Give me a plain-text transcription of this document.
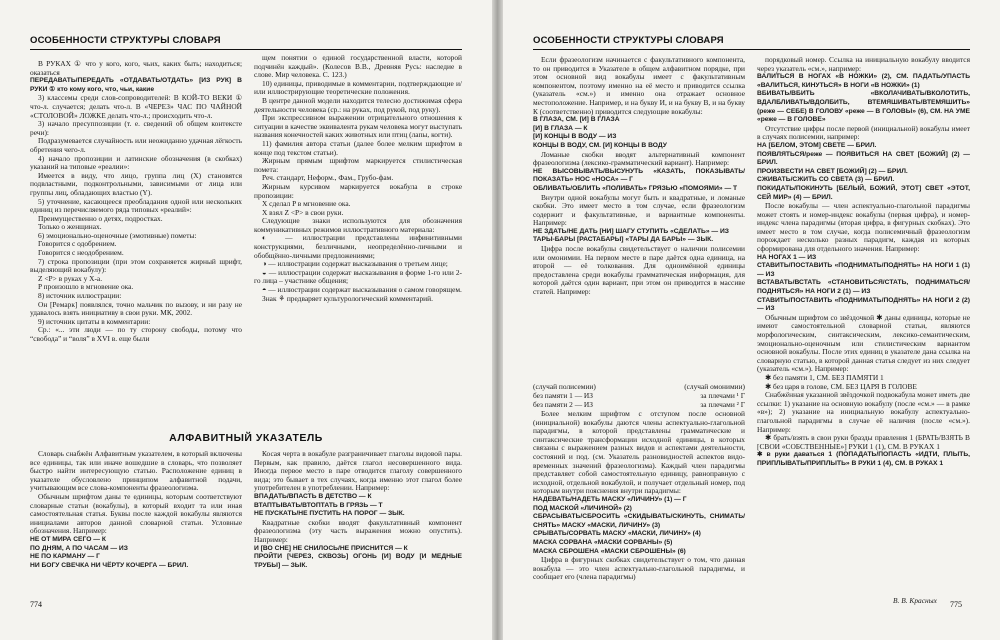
ОСОБЕННОСТИ СТРУКТУРЫ СЛОВАРЯ

В РУКАХ ① что у кого, кого, чьих, каких быть; находиться; оказаться

ПЕРЕДАВАТЬ/ПЕРЕДАТЬ «ОТДАВАТЬ/ОТДАТЬ» [ИЗ РУК] В РУКИ ① кто кому кого, что, чьи, какие

3) классемы среди слов-сопроводителей: В КОЙ-ТО ВЕКИ ① что-л. случается; делать что-л. В «ЧЕРЕЗ» ЧАС ПО ЧАЙНОЙ «СТОЛОВОЙ» ЛОЖКЕ делать что-л.; происходить что-л.

3) начало пресуппозиции (т. е. сведений об общем контексте речи):

Подразумевается случайность или неожиданно удачная лёгкость обретения чего-л.

4) начало пропозиции и латинские обозначения (в скобках) указаний на типовые «реалии»:

Имеется в виду, что лицо, группа лиц (X) становятся подвластными, подконтрольными, зависимыми от лица или группы лиц, обладающих властью (Y).

5) уточнение, касающееся преобладания одной или нескольких единиц из перечисляемого ряда типовых «реалий»:

Преимущественно о детях, подростках.

Только о женщинах.

6) эмоционально-оценочные (эмотивные) пометы:

Говорится с одобрением.

Говорится с неодобрением.

7) строка пропозиции (при этом сохраняется жирный шрифт, выделяющий вокабулу):

Z <P> в руках у X-а.

P произошло в мгновение ока.

8) источник иллюстрации:

Он [Ремарк] появлялся, точно мальчик по вызову, и ни разу не удавалось взять инициативу в свои руки. МК, 2002.

9) источник цитаты в комментарии:

Ср.: «... эти люди — по ту сторону свободы, потому что “свобода” и “воля” в XVI в. еще были

щем понятии о единой государственной власти, которой подчинён каждый». (Колесов В.В., Древняя Русь: наследие в слове. Мир человека. С. 123.)

10) единицы, приводимые в комментарии, подтверждающие и/или иллюстрирующие теоретические положения.

В центре данной модели находится телесно достижимая сфера деятельности человека (ср.: на руках, под рукой, под руку).

При экспрессивном выражении отрицательного отношения к ситуации в качестве эквивалента рукам человека могут выступать названия конечностей каких животных или птиц (лапы, когти).

11) фамилия автора статьи (далее более мелким шрифтом в конце под текстом статьи).

Жирным прямым шрифтом маркируется стилистическая помета:

Реч. стандарт, Неформ., Фам., Грубо-фам.

Жирным курсивом маркируется вокабула в строке пропозиции:

X сделал P в мгновение ока.

X взял Z <P> в свои руки.

Следующие знаки используются для обозначения коммуникативных режимов иллюстративного материала:

◐ — иллюстрации представлены инфинитивными конструкциями, безличными, неопределённо-личными и обобщённо-личными предложениями;

◑ — иллюстрации содержат высказывания о третьем лице;

◒ — иллюстрации содержат высказывания в форме 1-го или 2-го лица – участнике общения;

◓ — иллюстрации содержат высказывания о самом говорящем.

Знак ⚘ предваряет культурологический комментарий.

АЛФАВИТНЫЙ УКАЗАТЕЛЬ

Словарь снабжён Алфавитным указателем, в который включены все единицы, так или иначе вошедшие в словарь, что позволяет быстро найти интересующую статью. Расположение единиц в указателе обусловлено принципом алфавитной подачи, учитывающим все слова-компоненты фразеологизма.

Обычным шрифтом даны те единицы, которым соответствуют словарные статьи (вокабулы), в который входит та или иная самостоятельная статья. Буквы после каждой вокабулы являются инициалами авторов данной словарной статьи. Условные обозначения. Например:

НЕ ОТ МИРА СЕГО — К

ПО ДНЯМ, А ПО ЧАСАМ — ИЗ

НЕ ПО КАРМАНУ — Г

НИ БОГУ СВЕЧКА НИ ЧЁРТУ КОЧЕРГА — БРИЛ.

Косая черта в вокабуле разграничивает глаголы видовой пары. Первым, как правило, даётся глагол несовершенного вида. Иногда первое место в паре отводится глаголу совершенного вида; это бывает в тех случаях, когда именно этот глагол более употребителен в употреблении. Например:

ВПАДАТЬ/ВПАСТЬ В ДЕТСТВО — К

ВТАПТЫВАТЬ/ВТОПТАТЬ В ГРЯЗЬ — Т

НЕ ПУСКАТЬ/НЕ ПУСТИТЬ НА ПОРОГ — ЗЫК.

Квадратные скобки вводят факультативный компонент фразеологизма (эту часть выражения можно опустить). Например:

И [ВО СНЕ] НЕ СНИЛОСЬ/НЕ ПРИСНИТСЯ — К

ПРОЙТИ [ЧЕРЕЗ, СКВОЗЬ] ОГОНЬ [И] ВОДУ [И МЕДНЫЕ ТРУБЫ] — ЗЫК.

774
ОСОБЕННОСТИ СТРУКТУРЫ СЛОВАРЯ

Если фразеологизм начинается с факультативного компонента, то он приводится в Указателе в общем алфавитном порядке, при этом основной вид вокабулы имеет с факультативным компонентом, поэтому именно на её место и приводится ссылка (указатель «см.») и именно она отражает основное местоположение. Например, и на букву И, и на букву В, и на букву К (соответственно) приводится следующие вокабулы:

В ГЛАЗА, СМ. [И] В ГЛАЗА

[И] В ГЛАЗА — К

[И] КОНЦЫ В ВОДУ — ИЗ

КОНЦЫ В ВОДУ, СМ. [И] КОНЦЫ В ВОДУ

Ломаные скобки вводят альтернативный компонент фразеологизма (лексико-грамматический вариант). Например:

НЕ ВЫСОВЫВАТЬ/ВЫСУНУТЬ «КАЗАТЬ, ПОКАЗЫВАТЬ/ПОКАЗАТЬ» НОС «НОСА» — Г

ОБЛИВАТЬ/ОБЛИТЬ «ПОЛИВАТЬ» ГРЯЗЬЮ «ПОМОЯМИ» — Т

Внутри одной вокабулы могут быть и квадратные, и ломаные скобки. Это имеет место в том случае, если фразеологизм содержит и факультативные, и вариантные компоненты. Например:

НЕ ЗДАТЬ/НЕ ДАТЬ [НИ] ШАГУ СТУПИТЬ «СДЕЛАТЬ» — ИЗ

ТАРЫ-БАРЫ [РАСТАБАРЫ] «ТАРЫ ДА БАРЫ» — ЗЫК.

Цифра после вокабулы свидетельствует о наличии полисемии или омонимии. На первом месте в паре даётся одна единица, на второй — её толкования. Для одноимённой единицы предоставлена среди вокабулы грамматическая информация, для которой даётся один вариант, при этом он приводится в массиве статей. Например:

(случай полисемии)	(случай омонимии)
без памяти 1 — ИЗ	за плечами ¹ Г
без памяти 2 — ИЗ	за плечами ² Г

Более мелким шрифтом с отступом после основной (инициальной) вокабулы даются члены аспектуально-глагольной парадигмы, в которой представлены грамматические и синтаксические трансформации исходной единицы, в которых связаны с выражением разных видов и аспектами деятельности, состояний и под. (см. Указатель разновидностей аспектов видо-временных значений фразеологизма). Каждый член парадигмы представляет собой самостоятельную единицу, равноправную с исходной, отдельной вокабулой, и получает отдельный номер, под которым внутри пояснения внутри парадигмы:

НАДЕВАТЬ/НАДЕТЬ МАСКУ «ЛИЧИНУ» (1) — Г

ПОД МАСКОЙ «ЛИЧИНОЙ» (2)

СБРАСЫВАТЬ/СБРОСИТЬ «СКИДЫВАТЬ/СКИНУТЬ, СНИМАТЬ/СНЯТЬ» МАСКУ «МАСКИ, ЛИЧИНУ» (3)

СРЫВАТЬ/СОРВАТЬ МАСКУ «МАСКИ, ЛИЧИНУ» (4)

МАСКА СОРВАНА «МАСКИ СОРВАНЫ» (5)

МАСКА СБРОШЕНА «МАСКИ СБРОШЕНЫ» (6)

Цифра в фигурных скобках свидетельствует о том, что данная вокабула — это член аспектуально-глагольной парадигмы, и сообщает его (члена парадигмы)

порядковый номер. Ссылка на инициальную вокабулу вводится через указатель «см.», например:

ВАЛИТЬСЯ В НОГАХ «В НОЖКИ» (2), СМ. ПАДАТЬ/УПАСТЬ «ВАЛИТЬСЯ, КИНУТЬСЯ» В НОГИ «В НОЖКИ» (1)

ВБИВАТЬ/ВБИТЬ «ВКОЛАЧИВАТЬ/ВКОЛОТИТЬ, ВДАЛБЛИВАТЬ/ВДОЛБИТЬ, ВТЕМЯШИВАТЬ/ВТЕМЯШИТЬ» (реже — СЕБЕ) В ГОЛОВУ «реже — В ГОЛОВЫ» (6), СМ. НА УМЕ «реже — В ГОЛОВЕ»

Отсутствие цифры после первой (инициальной) вокабулы имеет в случаях полисемии, например:

НА [БЕЛОМ, ЭТОМ] СВЕТЕ — БРИЛ.

ПОЯВЛЯТЬСЯ/реже — ПОЯВИТЬСЯ НА СВЕТ [БОЖИЙ] (2) — БРИЛ.

ПРОИЗВЕСТИ НА СВЕТ [БОЖИЙ] (2) — БРИЛ.

СЖИВАТЬ/СЖИТЬ СО СВЕТА (3) — БРИЛ.

ПОКИДАТЬ/ПОКИНУТЬ [БЕЛЫЙ, БОЖИЙ, ЭТОТ] СВЕТ «ЭТОТ, СЕЙ МИР» (4) — БРИЛ.

После вокабулы — член аспектуально-глагольной парадигмы может стоять и номер-индекс вокабулы (первая цифра), и номер-индекс члена парадигмы (вторая цифра, в фигурных скобках). Это имеет место в том случае, когда полисемичный фразеологизм порождает несколько разных парадигм, каждая из которых сформирована для отдельного значения. Например:

НА НОГАХ 1 — ИЗ

СТАВИТЬ/ПОСТАВИТЬ «ПОДНИМАТЬ/ПОДНЯТЬ» НА НОГИ 1 (1) — ИЗ

ВСТАВАТЬ/ВСТАТЬ «СТАНОВИТЬСЯ/СТАТЬ, ПОДНИМАТЬСЯ/ПОДНЯТЬСЯ» НА НОГИ 2 (1) — ИЗ

СТАВИТЬ/ПОСТАВИТЬ «ПОДНИМАТЬ/ПОДНЯТЬ» НА НОГИ 2 (2) — ИЗ

Обычным шрифтом со звёздочкой ✱ даны единицы, которые не имеют самостоятельной словарной статьи, являются морфологическим, синтаксическим, лексико-семантическим, эмоционально-оценочным или стилистическим вариантом основной вокабулы. После этих единиц в указателе дана ссылка на словарную статью, в которой данная статья следует из них следует (указатель «см.»). Например:

✱ без памяти 1, СМ. БЕЗ ПАМЯТИ 1

✱ без царя в голове, СМ. БЕЗ ЦАРЯ В ГОЛОВЕ

Снабжённая указанной звёздочкой подвокабула может иметь две ссылки: 1) указание на основную вокабулу (после «см.» — в рамке «в»); 2) указание на инициальную вокабулу аспектуально-глагольной парадигмы в случае её наличия (после «см.»). Например:

✱ брать/взять в свои руки бразды правления 1 (БРАТЬ/ВЗЯТЬ В [СВОИ «СОБСТВЕННЫЕ»] РУКИ 1 (1), СМ. В РУКАХ 1

✱ в руки даваться 1 (ПОПАДАТЬ/ПОПАСТЬ «ИДТИ, ПЛЫТЬ, ПРИПЛЫВАТЬ/ПРИПЛЫТЬ» В РУКИ 1 (4), СМ. В РУКАХ 1

В. В. Красных 775
